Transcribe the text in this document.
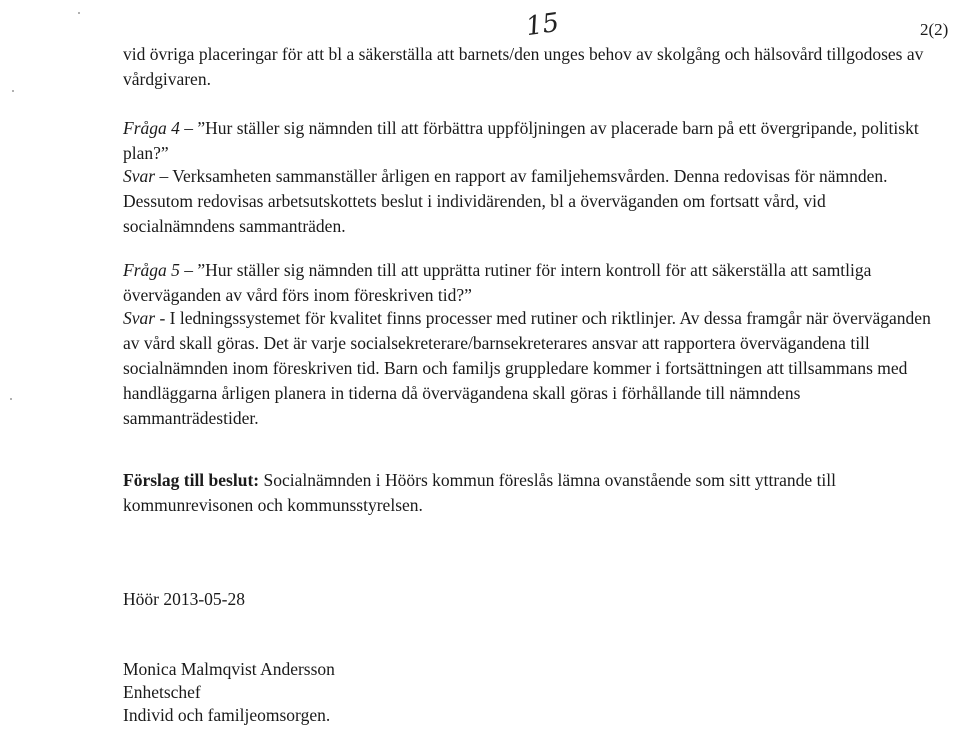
2(2)
15

vid övriga placeringar för att bl a säkerställa att barnets/den unges behov av skolgång och hälsovård tillgodoses av vårdgivaren.

Fråga 4 – ”Hur ställer sig nämnden till att förbättra uppföljningen av placerade barn på ett övergripande, politiskt plan?”

Svar – Verksamheten sammanställer årligen en rapport av familjehemsvården. Denna redovisas för nämnden. Dessutom redovisas arbetsutskottets beslut i individärenden, bl a överväganden om fortsatt vård, vid socialnämndens sammanträden.

Fråga 5 – ”Hur ställer sig nämnden till att upprätta rutiner för intern kontroll för att säkerställa att samtliga överväganden av vård förs inom föreskriven tid?”

Svar - I ledningssystemet för kvalitet finns processer med rutiner och riktlinjer. Av dessa framgår när överväganden av vård skall göras. Det är varje socialsekreterare/barnsekreterares ansvar att rapportera övervägandena till socialnämnden inom föreskriven tid. Barn och familjs gruppledare kommer i fortsättningen att tillsammans med handläggarna årligen planera in tiderna då övervägandena skall göras i förhållande till nämndens sammanträdestider.

Förslag till beslut: Socialnämnden i Höörs kommun föreslås lämna ovanstående som sitt yttrande till kommunrevisonen och kommunsstyrelsen.

Höör 2013-05-28
Monica Malmqvist Andersson
Enhetschef
Individ och familjeomsorgen.
